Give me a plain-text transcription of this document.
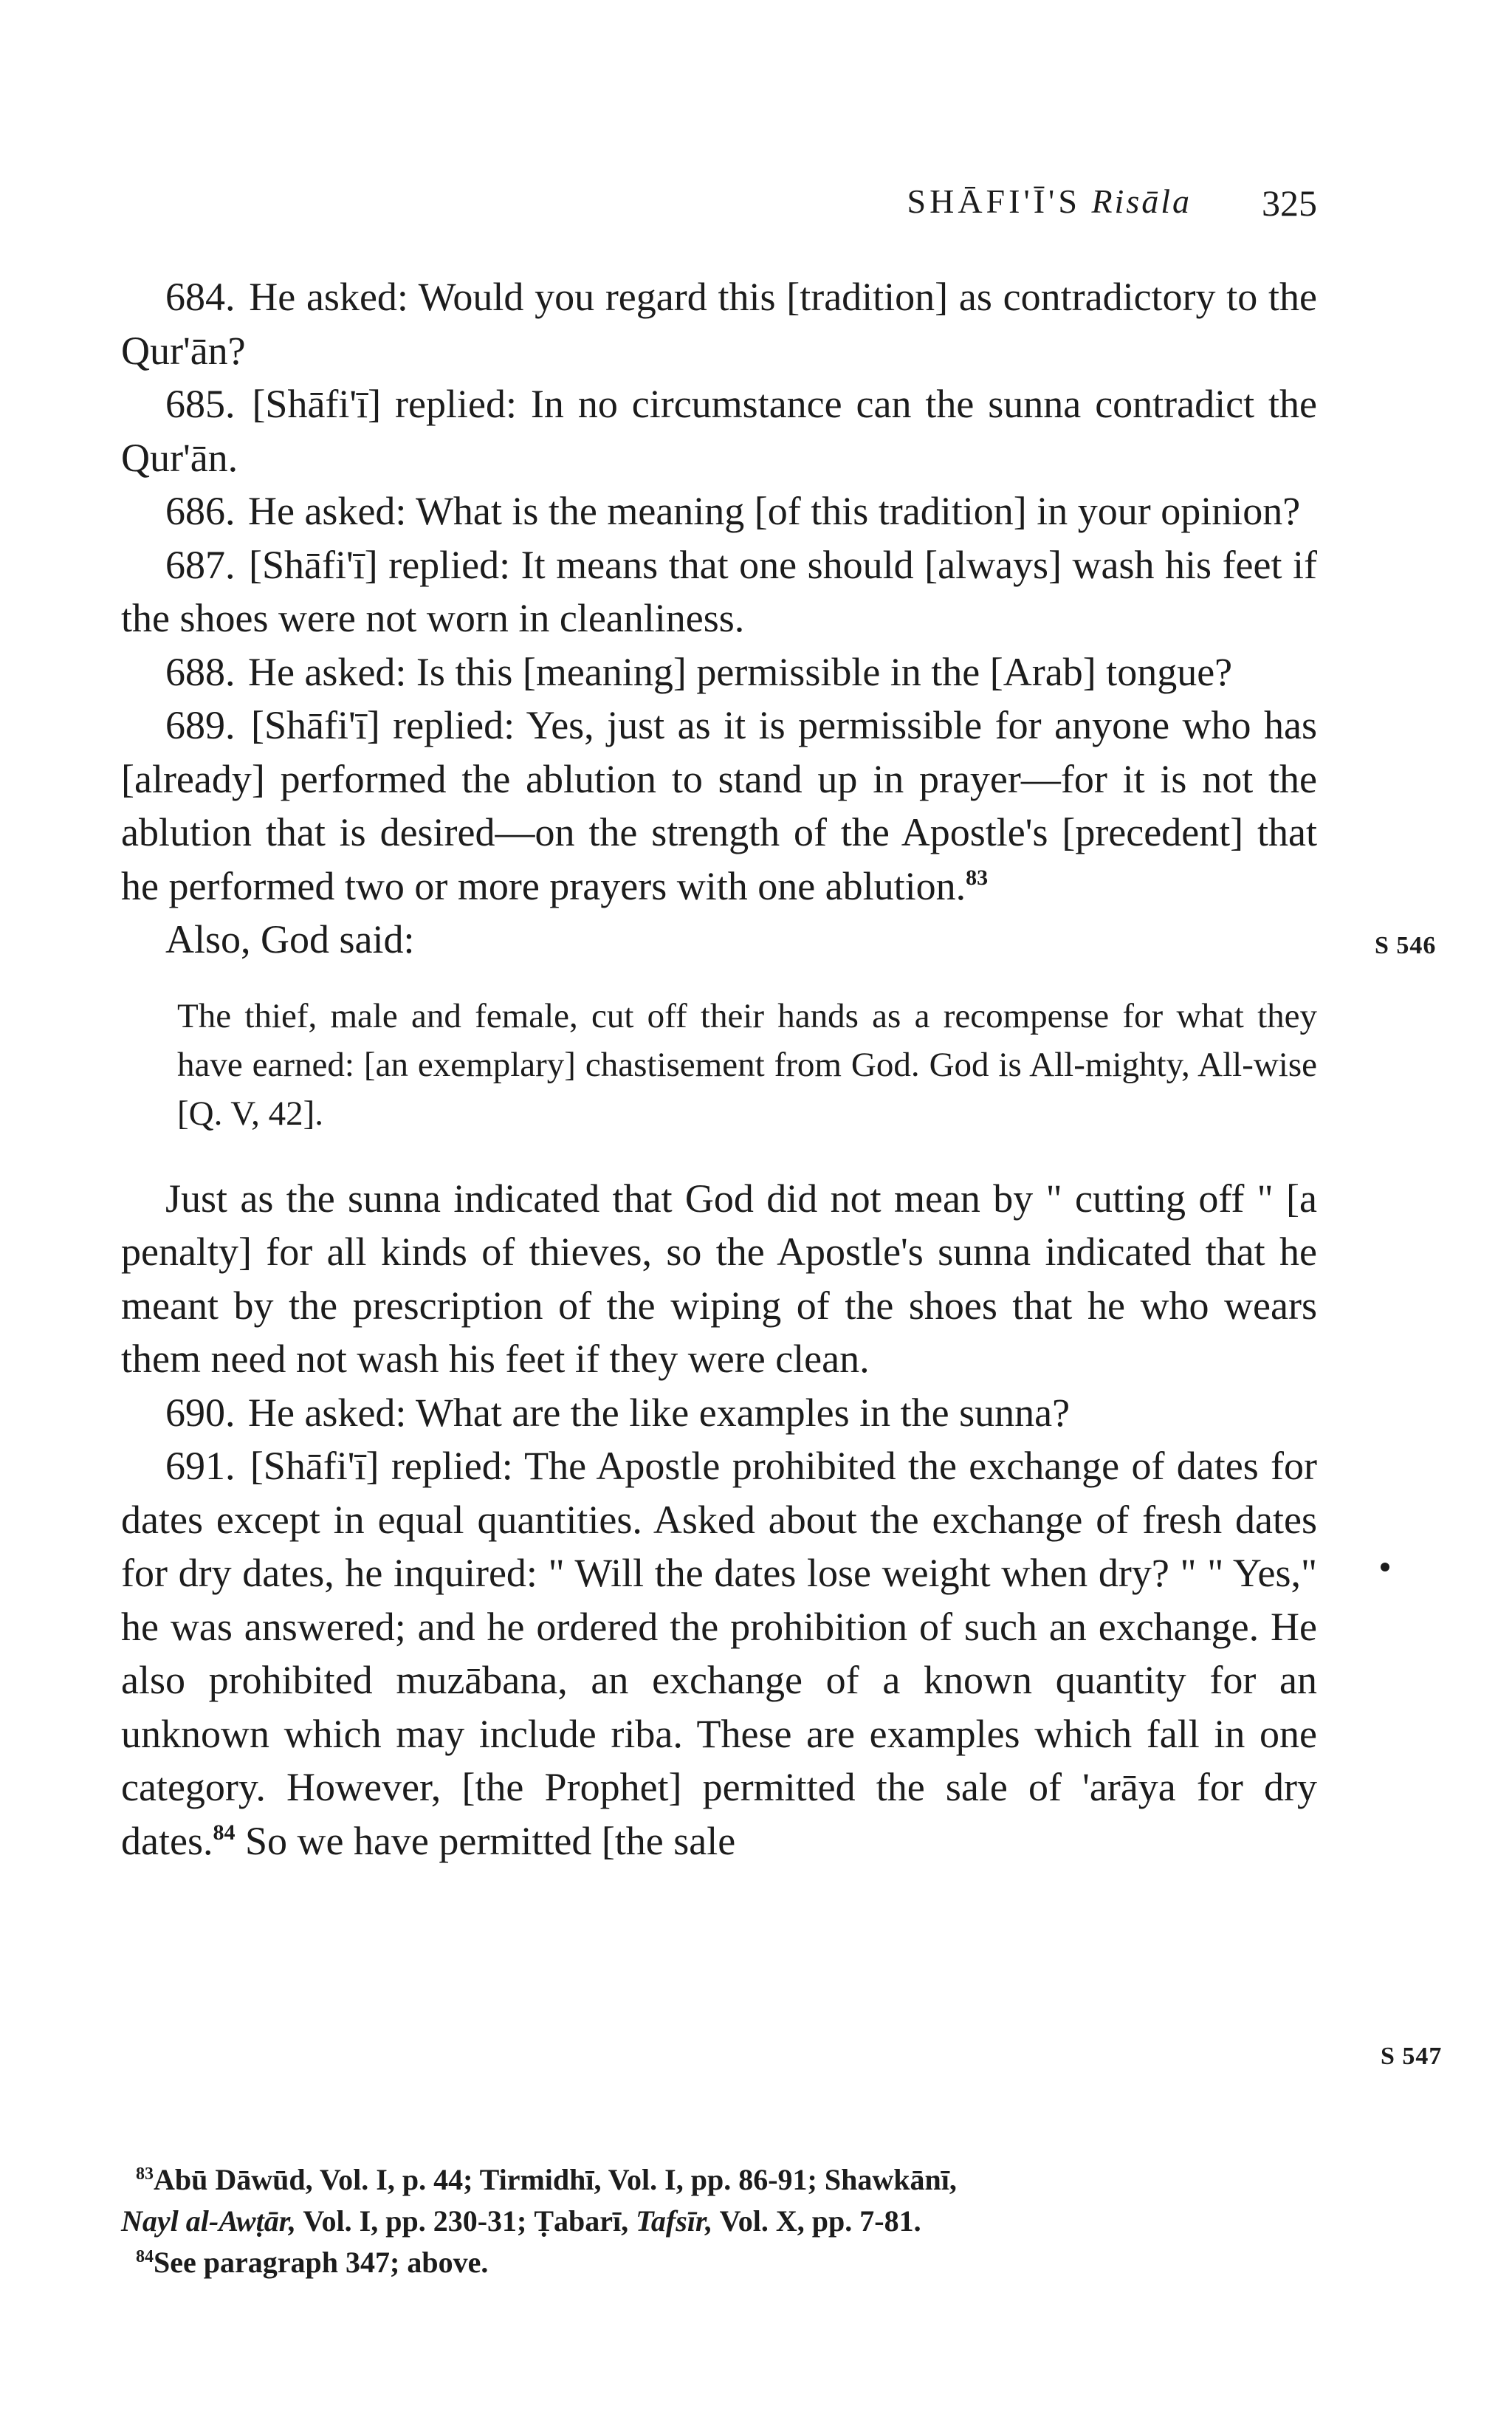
SHĀFI'Ī'S Risāla 325

684. He asked: Would you regard this [tradition] as contradictory to the Qur'ān?

685. [Shāfi'ī] replied: In no circumstance can the sunna contradict the Qur'ān.

686. He asked: What is the meaning [of this tradition] in your opinion?

687. [Shāfi'ī] replied: It means that one should [always] wash his feet if the shoes were not worn in cleanliness.

688. He asked: Is this [meaning] permissible in the [Arab] tongue?

689. [Shāfi'ī] replied: Yes, just as it is permissible for anyone who has [already] performed the ablution to stand up in prayer—for it is not the ablution that is desired—on the strength of the Apostle's [precedent] that he performed two or more prayers with one ablution.$^{83}$

Also, God said:

The thief, male and female, cut off their hands as a recompense for what they have earned: [an exemplary] chastisement from God. God is All-mighty, All-wise [Q. V, 42].

Just as the sunna indicated that God did not mean by " cutting off " [a penalty] for all kinds of thieves, so the Apostle's sunna indicated that he meant by the prescription of the wiping of the shoes that he who wears them need not wash his feet if they were clean.

690. He asked: What are the like examples in the sunna?

691. [Shāfi'ī] replied: The Apostle prohibited the exchange of dates for dates except in equal quantities. Asked about the exchange of fresh dates for dry dates, he inquired: " Will the dates lose weight when dry? " " Yes," he was answered; and he ordered the prohibition of such an exchange. He also prohibited muzābana, an exchange of a known quantity for an unknown which may include riba. These are examples which fall in one category. However, [the Prophet] permitted the sale of 'arāya for dry dates.$^{84}$ So we have permitted [the sale

S 546
S 547

$^{83}$Abū Dāwūd, Vol. I, p. 44; Tirmidhī, Vol. I, pp. 86-91; Shawkānī,
Nayl al-Awṭār, Vol. I, pp. 230-31; Ṭabarī, Tafsīr, Vol. X, pp. 7-81.

$^{84}$See paragraph 347; above.
